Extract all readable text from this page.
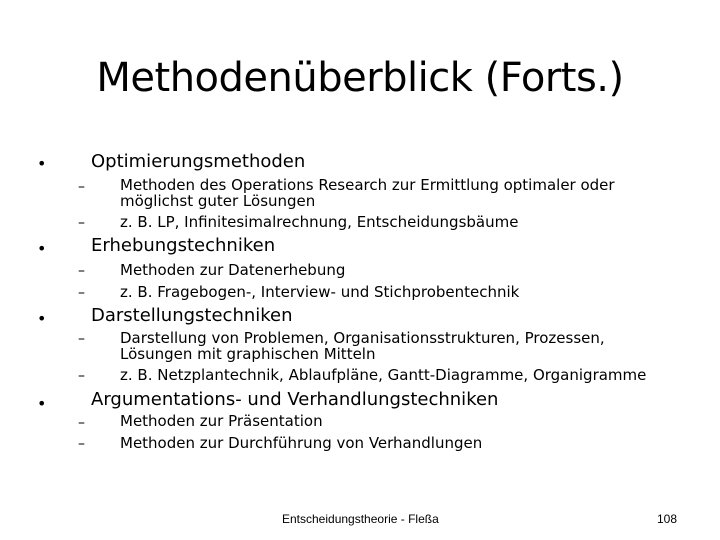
Methodenüberblick (Forts.)
• Optimierungsmethoden
– Methoden des Operations Research zur Ermittlung optimaler oder möglichst guter Lösungen
– z. B. LP, Infinitesimalrechnung, Entscheidungsbäume
• Erhebungstechniken
– Methoden zur Datenerhebung
– z. B. Fragebogen-, Interview- und Stichprobentechnik
• Darstellungstechniken
– Darstellung von Problemen, Organisationsstrukturen, Prozessen, Lösungen mit graphischen Mitteln
– z. B. Netzplantechnik, Ablaufpläne, Gantt-Diagramme, Organigramme
• Argumentations- und Verhandlungstechniken
– Methoden zur Präsentation
– Methoden zur Durchführung von Verhandlungen
Entscheidungstheorie - Fleßa	108
